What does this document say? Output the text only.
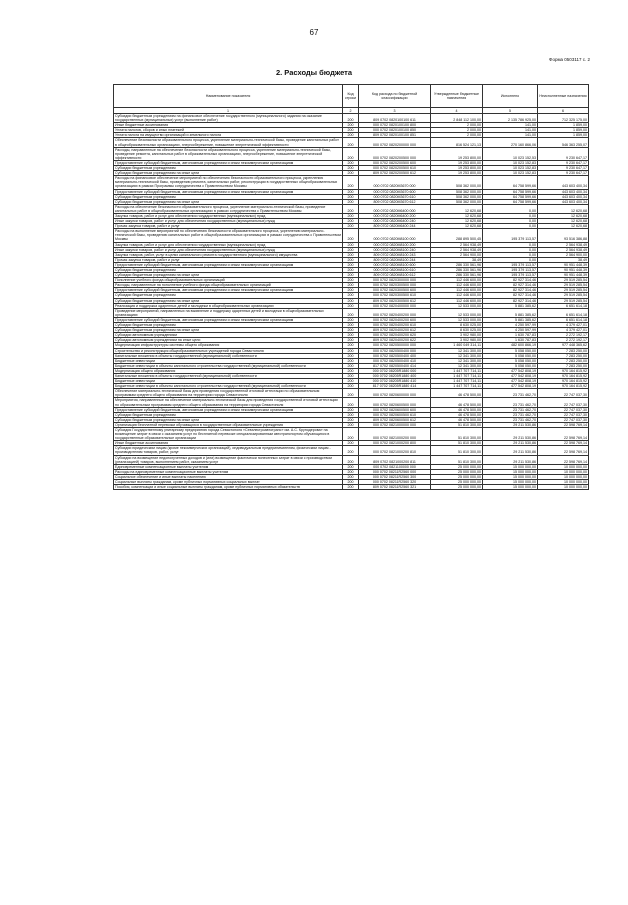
67
Форма 0503117 с. 2
2. Расходы бюджета
Наименование показателя	Код строки	Код расхода по бюджетной классификации	Утвержденные бюджетные назначения	Исполнено	Неисполненные назначения
1	2	3	4	5	6
Субсидии бюджетным учреждениям на финансовое обеспечение государственного (муниципального) задания на оказание государственных (муниципальных) услуг (выполнение работ)	200	809 0702 0820100100 611	2 848 112 100,00	2 135 786 925,00	712 325 175,00
Иные бюджетные ассигнования	200	000 0702 0820100100 800	2 000,00	141,00	1 859,00
Уплата налогов, сборов и иных платежей	200	000 0702 0820100100 850	2 000,00	141,00	1 859,00
Уплата налога на имущество организаций и земельного налога	200	809 0702 0820100100 851	2 000,00	141,00	1 859,00
Обеспечение безопасности образовательного процесса, укрепление материально-технической базы, проведение капитальных работ в общеобразовательных организациях, энергосбережение, повышение энергетической эффективности	200	000 0702 0820200000 000	816 524 121,13	270 160 866,06	546 363 255,07
Расходы, направленные на обеспечение безопасности образовательного процесса, укрепление материально-технической базы, проведение ремонта, капитальных работ в образовательных организациях, энергосбережение, повышение энергетической эффективности	200	000 0702 0820200500 000	19 253 800,00	10 023 152,53	9 230 647,17
Предоставление субсидий бюджетным, автономным учреждениям и иным некоммерческим организациям	200	000 0702 0820200500 600	19 253 800,00	10 023 152,83	9 230 647,17
Субсидии бюджетным учреждениям	200	000 0702 0820200500 610	19 253 800,00	10 023 152,83	9 230 647,17
Субсидии бюджетным учреждениям на иные цели	200	809 0702 0820200500 612	19 253 800,00	10 023 152,83	9 230 647,17
Расходы на финансовое обеспечение мероприятий по обеспечению безопасности образовательного процесса, укреплению материально-технической базы, проведению ремонта, капитальных работ, реконструкции в государственных общеобразовательных организациях в рамках Программы сотрудничества с Правительством Москвы	200	000 0702 0820М3670 000	508 362 000,00	64 758 599,66	443 603 400,34
Предоставление субсидий бюджетным, автономным учреждениям и иным некоммерческим организациям	200	000 0702 0820М3670 600	508 362 000,00	64 758 599,66	443 603 400,34
Субсидии бюджетным учреждениям	200	000 0702 0820М3670 610	508 362 000,00	64 758 599,66	443 603 400,34
Субсидии бюджетным учреждениям на иные цели	200	809 0702 0820М3670 612	508 362 000,00	64 758 599,66	443 603 400,34
Расходы на обеспечение безопасности образовательного процесса, укрепление материально-технической базы, проведение капитальных работ в общеобразовательных организациях в рамках сотрудничества с Правительством Москвы	200	000 0702 0820М6400 000	12 620,68	0,00	12 620,68
Закупка товаров, работ и услуг для обеспечения государственных (муниципальных) нужд	200	000 0702 0820М6400 200	12 620,68	0,00	12 620,68
Иные закупки товаров, работ и услуг для обеспечения государственных (муниципальных) нужд	200	000 0702 0820М6400 240	12 620,68	0,00	12 620,68
Прочая закупка товаров, работ и услуг	200	809 0702 0820М6400 244	12 620,68	0,00	12 620,68
Расходы на выполнение мероприятий по обеспечению безопасности образовательного процесса, укреплению материально-технической базы, проведению капитальных работ в общеобразовательных организациях в рамках сотрудничества с Правительством Москвы	200	000 0702 0820М8100 000	288 895 500,45	195 379 113,57	93 516 386,88
Закупка товаров, работ и услуг для обеспечения государственных (муниципальных) нужд	200	000 0702 0820М8100 200	2 564 938,49	0,00	2 564 938,49
Иные закупки товаров, работ и услуг для обеспечения государственных (муниципальных) нужд	200	000 0702 0820М8100 240	2 564 938,49	0,00	2 564 938,49
Закупка товаров, работ, услуг в целях капитального ремонта государственного (муниципального) имущества	200	809 0702 0820М8100 243	2 564 900,00	0,00	2 564 900,00
Прочая закупка товаров, работ и услуг	200	809 0702 0820М8100 244	38,49	0,00	38,49
Предоставление субсидий бюджетным, автономным учреждениям и иным некоммерческим организациям	200	000 0702 0820М8100 600	286 330 561,96	195 379 113,57	90 951 448,39
Субсидии бюджетным учреждениям	200	000 0702 0820М8100 610	286 330 561,96	195 379 113,57	90 951 448,39
Субсидии бюджетным учреждениям на иные цели	200	809 0702 0820М8100 612	286 330 561,96	195 379 113,57	90 951 448,39
Пополнение учебного фонда общеобразовательных организаций	200	000 0702 0820300000 000	112 446 600,00	82 927 314,46	29 519 285,54
Расходы, направленные на пополнение учебного фонда общеобразовательных организаций	200	000 0702 0820300500 000	112 446 600,00	82 927 314,46	29 519 285,54
Предоставление субсидий бюджетным, автономным учреждениям и иным некоммерческим организациям	200	000 0702 0820300500 600	112 446 600,00	82 927 314,46	29 519 285,54
Субсидии бюджетным учреждениям	200	000 0702 0820300500 610	112 446 600,00	82 927 314,46	29 519 285,54
Субсидии бюджетным учреждениям на иные цели	200	809 0702 0820300500 612	112 446 600,00	82 927 314,46	29 519 285,54
Реализация и поддержка одаренных детей и молодежи в общеобразовательных организациях	200	000 0702 0820400000 000	12 533 000,00	5 881 385,62	6 651 614,18
Проведение мероприятий, направленных на выявление и поддержку одаренных детей и молодежи в общеобразовательных организациях	200	000 0702 0820400200 000	12 533 000,00	5 881 385,62	6 651 614,18
Предоставление субсидий бюджетным, автономным учреждениям и иным некоммерческим организациям	200	000 0702 0820400200 600	12 533 000,00	5 881 385,62	6 651 614,18
Субсидии бюджетным учреждениям	200	000 0702 0820400200 610	8 630 025,00	4 250 597,99	4 379 427,01
Субсидии бюджетным учреждениям на иные цели	200	809 0702 0820400200 612	8 630 025,00	4 250 597,99	4 379 427,01
Субсидии автономным учреждениям	200	000 0702 0820400200 620	3 902 980,00	1 630 787,83	2 272 192,17
Субсидии автономным учреждениям на иные цели	200	809 0702 0820400200 622	3 902 980,00	1 630 787,83	2 272 192,17
Модернизация инфраструктуры системы общего образования	200	000 0702 0820500000 000	1 460 049 314,11	482 600 866,19	977 448 365,62
Строительство и реконструкция общеобразовательных учреждений города Севастополя	200	000 0702 0820500400 000	12 341 300,00	5 058 050,00	7 283 250,00
Капитальные вложения в объекты государственной (муниципальной) собственности	200	000 0702 0820500400 400	12 341 300,00	5 058 050,00	7 283 250,00
Бюджетные инвестиции	200	000 0702 0820500400 410	12 341 300,00	5 058 050,00	7 283 250,00
Бюджетные инвестиции в объекты капитального строительства государственной (муниципальной) собственности	200	817 0702 0820500400 414	12 341 300,00	5 058 050,00	7 283 250,00
Модернизация общего образования	200	000 0702 08205R1880 000	1 447 707 714,11	477 542 808,19	970 164 815,92
Капитальные вложения в объекты государственной (муниципальной) собственности	200	000 0702 08205R1880 400	1 447 707 714,11	477 542 808,19	970 164 815,92
Бюджетные инвестиции	200	000 0702 08205R1880 410	1 447 707 714,11	477 542 808,19	970 164 815,92
Бюджетные инвестиции в объекты капитального строительства государственной (муниципальной) собственности	200	817 0702 08205R1880 414	1 447 707 714,11	477 542 808,19	970 164 815,92
Обеспечение материально-технической базы для проведения государственной итоговой аттестации по образовательным программам среднего общего образования на территории города Севастополя	200	000 0702 0820600000 000	46 478 500,00	23 731 462,70	22 747 037,30
Мероприятия, направленные на обеспечение материально-технической базы для проведения государственной итоговой аттестации по образовательным программам среднего общего образования на территории города Севастополя	200	000 0702 0820600500 000	46 478 500,00	23 731 462,70	22 747 037,30
Предоставление субсидий бюджетным, автономным учреждениям и иным некоммерческим организациям	200	000 0702 0820600500 600	46 478 500,00	23 731 462,70	22 747 037,30
Субсидии бюджетным учреждениям	200	000 0702 0820600500 610	46 478 500,00	23 731 462,70	22 747 037,30
Субсидии бюджетным учреждениям на иные цели	200	809 0702 0820600500 612	46 478 500,00	23 731 462,70	22 747 037,30
Организация бесплатной перевозки обучающихся в государственные образовательные учреждения	200	000 0702 0821000000 000	51 810 300,00	29 211 530,86	22 598 769,14
Субсидия Государственному унитарному предприятию города Севастополя «Севэлектроавтотранс» им. А.С. Круподерова» на возмещение затрат в связи с оказанием услуг по бесплатной перевозке специализированным автотранспортом обучающихся в государственные образовательные организации	200	000 0702 0821000200 000	51 810 300,00	29 211 530,86	22 598 769,14
Иные бюджетные ассигнования	200	000 0702 0821000200 800	51 810 300,00	29 211 530,86	22 598 769,14
Субсидии юридическим лицам (кроме некоммерческих организаций), индивидуальным предпринимателям, физическим лицам - производителям товаров, работ, услуг	200	000 0702 0821000200 810	51 810 300,00	29 211 530,86	22 598 769,14
Субсидии на возмещение недополученных доходов и (или) возмещение фактически понесенных затрат в связи с производством (реализацией) товаров, выполнением работ, оказанием услуг	200	809 0702 0821000200 811	51 810 300,00	29 211 530,86	22 598 769,14
Единовременные компенсационные выплаты учителям	200	000 0702 0821100000 000	25 000 000,00	15 000 000,00	10 000 000,00
Расходы на единовременные компенсационные выплаты учителям	200	000 0702 08211R2560 000	25 000 000,00	15 000 000,00	10 000 000,00
Социальное обеспечение и иные выплаты населению	200	000 0702 08211R2560 300	25 000 000,00	15 000 000,00	10 000 000,00
Социальные выплаты гражданам, кроме публичных нормативных социальных выплат	200	000 0702 08211R2560 320	25 000 000,00	15 000 000,00	10 000 000,00
Пособия, компенсации и иные социальные выплаты гражданам, кроме публичных нормативных обязательств	200	809 0702 08211R2560 321	25 000 000,00	15 000 000,00	10 000 000,00
